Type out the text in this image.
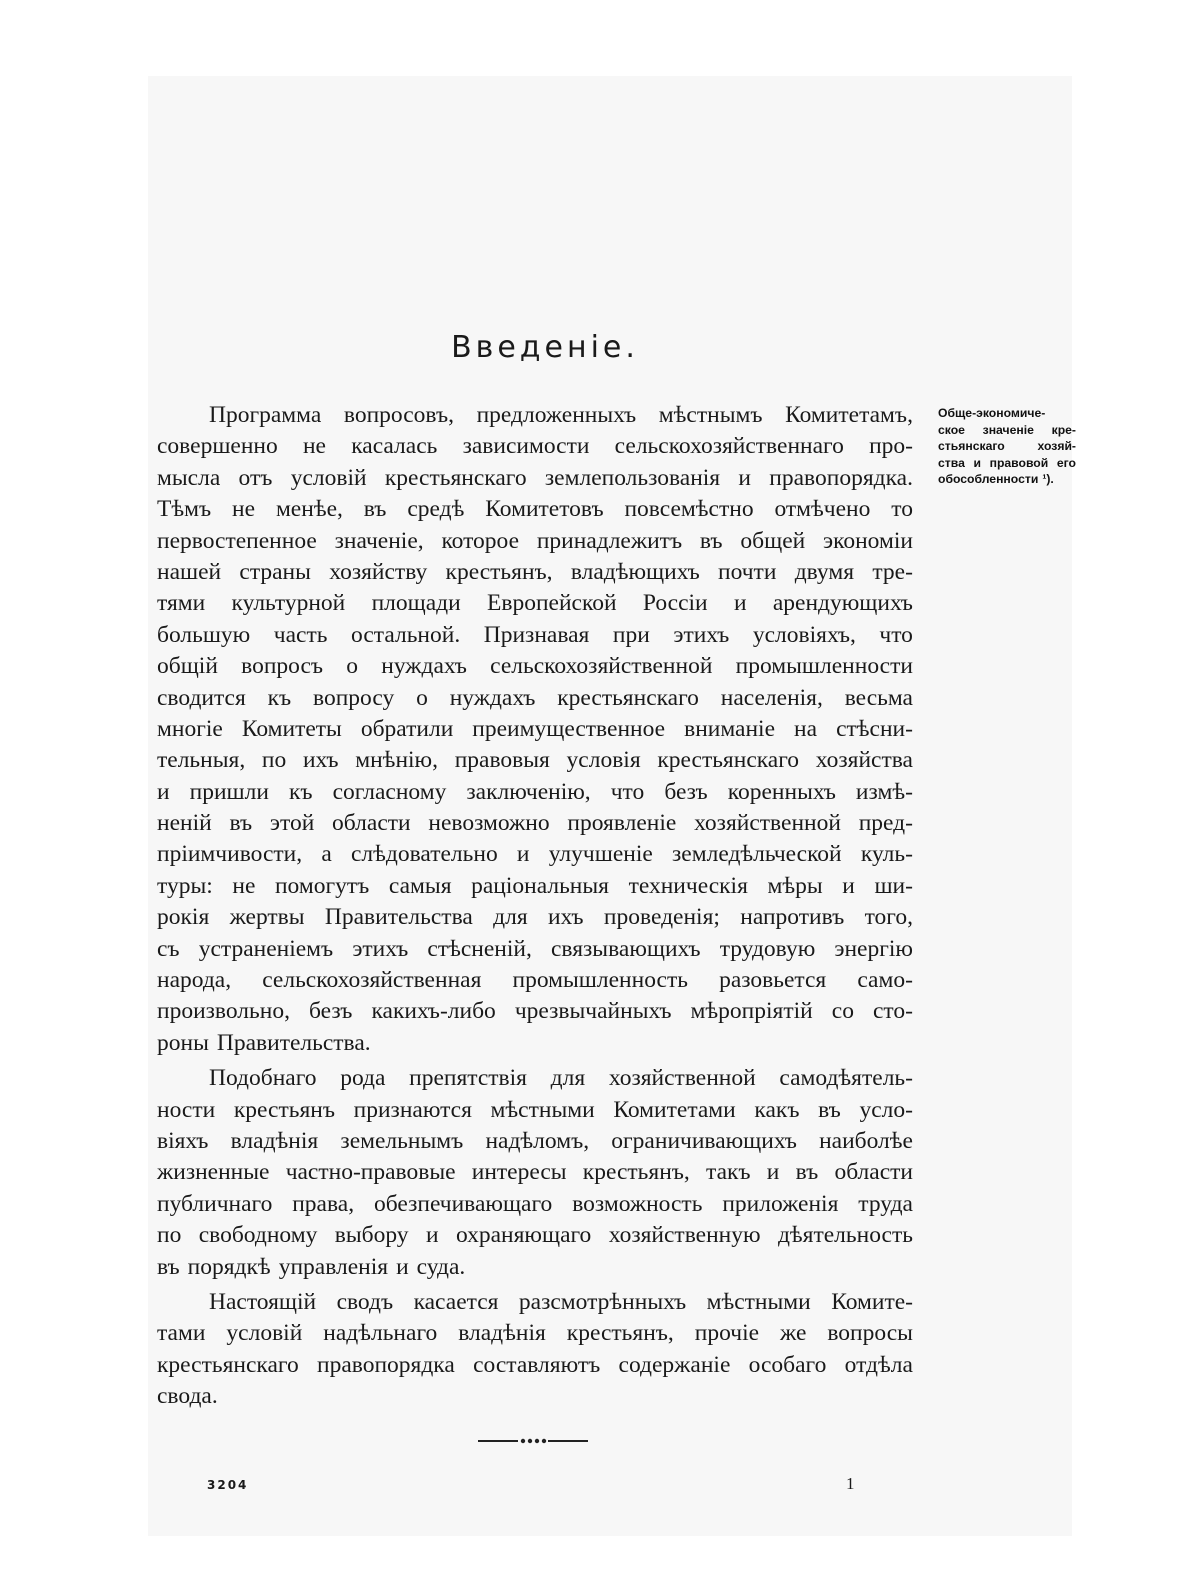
Введеніе.
Обще-экономиче-
ское значеніе кре-
стьянскаго	хозяй-
ства и правовой его
обособленности ¹).
Программа вопросовъ, предложенныхъ мѣстнымъ Комитетамъ,
совершенно не касалась зависимости сельскохозяйственнаго про-
мысла отъ условій крестьянскаго землепользованія и правопорядка.
Тѣмъ не менѣе, въ средѣ Комитетовъ повсемѣстно отмѣчено то
первостепенное значеніе, которое принадлежитъ въ общей экономіи
нашей страны хозяйству крестьянъ, владѣющихъ почти двумя тре-
тями культурной площади Европейской Россіи и арендующихъ
большую часть остальной. Признавая при этихъ условіяхъ, что
общій вопросъ о нуждахъ сельскохозяйственной промышленности
сводится къ вопросу о нуждахъ крестьянскаго населенія, весьма
многіе Комитеты обратили преимущественное вниманіе на стѣсни-
тельныя, по ихъ мнѣнію, правовыя условія крестьянскаго хозяйства
и пришли къ согласному заключенію, что безъ коренныхъ измѣ-
неній въ этой области невозможно проявленіе хозяйственной пред-
пріимчивости, а слѣдовательно и улучшеніе земледѣльческой куль-
туры: не помогутъ самыя раціональныя техническія мѣры и ши-
рокія жертвы Правительства для ихъ проведенія; напротивъ того,
съ устраненіемъ этихъ стѣсненій, связывающихъ трудовую энергію
народа, сельскохозяйственная промышленность разовьется само-
произвольно, безъ какихъ-либо чрезвычайныхъ мѣропріятій со сто-
роны Правительства.
Подобнаго рода препятствія для хозяйственной самодѣятель-
ности крестьянъ признаются мѣстными Комитетами какъ въ усло-
віяхъ владѣнія земельнымъ надѣломъ, ограничивающихъ наиболѣе
жизненные частно-правовые интересы крестьянъ, такъ и въ области
публичнаго права, обезпечивающаго возможность приложенія труда
по свободному выбору и охраняющаго хозяйственную дѣятельность
въ порядкѣ управленія и суда.
Настоящій сводъ касается разсмотрѣнныхъ мѣстными Комите-
тами условій надѣльнаго владѣнія крестьянъ, прочіе же вопросы
крестьянскаго правопорядка составляютъ содержаніе особаго отдѣла
свода.
3204	1
